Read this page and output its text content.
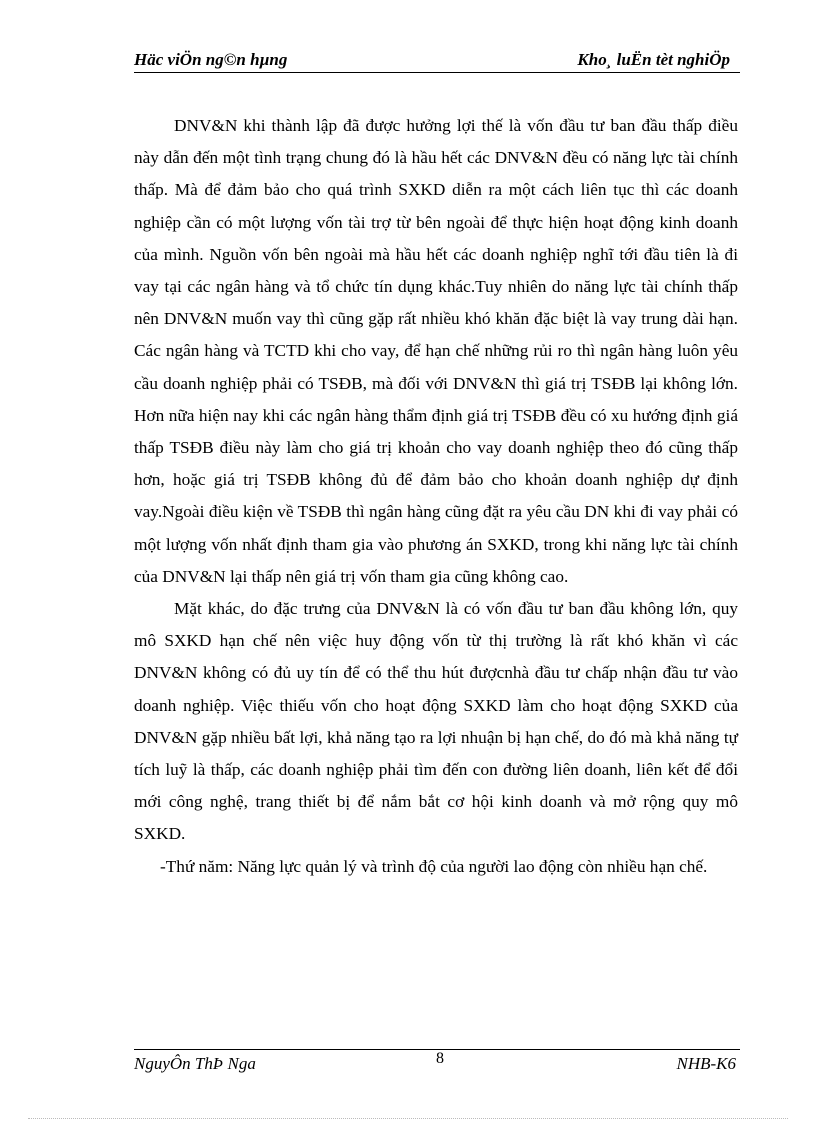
Häc viÖn ng©n hµng	Kho¸ luËn tèt nghiÖp

DNV&N khi thành lập đã được hưởng lợi thế là vốn đầu tư ban đầu thấp điều này dẫn đến một tình trạng chung đó là hầu hết các DNV&N đều có năng lực tài chính thấp. Mà để đảm bảo cho quá trình SXKD diễn ra một cách liên tục thì các doanh nghiệp cần có một lượng vốn tài trợ từ bên ngoài để thực hiện hoạt động kinh doanh của mình. Nguồn vốn bên ngoài mà hầu hết các doanh nghiệp nghĩ tới đầu tiên là đi vay tại các ngân hàng và tổ chức tín dụng khác.Tuy nhiên do năng lực tài chính thấp nên DNV&N muốn vay thì cũng gặp rất nhiều khó khăn đặc biệt là vay trung dài hạn. Các ngân hàng và TCTD khi cho vay, để hạn chế những rủi ro thì ngân hàng luôn yêu cầu doanh nghiệp phải có TSĐB, mà đối với DNV&N thì giá trị TSĐB lại không lớn. Hơn nữa hiện nay khi các ngân hàng thẩm định giá trị TSĐB đều có xu hướng định giá thấp TSĐB điều này làm cho giá trị khoản cho vay doanh nghiệp theo đó cũng thấp hơn, hoặc giá trị TSĐB không đủ để đảm bảo cho khoản doanh nghiệp dự định vay.Ngoài điều kiện về TSĐB thì ngân hàng cũng đặt ra yêu cầu DN khi đi vay phải có một lượng vốn nhất định tham gia vào phương án SXKD, trong khi năng lực tài chính của DNV&N lại thấp nên giá trị vốn tham gia cũng không cao.

Mặt khác, do đặc trưng của DNV&N là có vốn đầu tư ban đầu không lớn, quy mô SXKD hạn chế nên việc huy động vốn từ thị trường là rất khó khăn vì các DNV&N không có đủ uy tín để có thể thu hút đượcnhà đầu tư chấp nhận đầu tư vào doanh nghiệp. Việc thiếu vốn cho hoạt động SXKD làm cho hoạt động SXKD của DNV&N gặp nhiều bất lợi, khả năng tạo ra lợi nhuận bị hạn chế, do đó mà khả năng tự tích luỹ là thấp, các doanh nghiệp phải tìm đến con đường liên doanh, liên kết để đổi mới công nghệ, trang thiết bị để nắm bắt cơ hội kinh doanh và mở rộng quy mô SXKD.

-Thứ năm: Năng lực quản lý và trình độ của người lao động còn nhiều hạn chế.

NguyÔn ThÞ Nga	8	NHB-K6
